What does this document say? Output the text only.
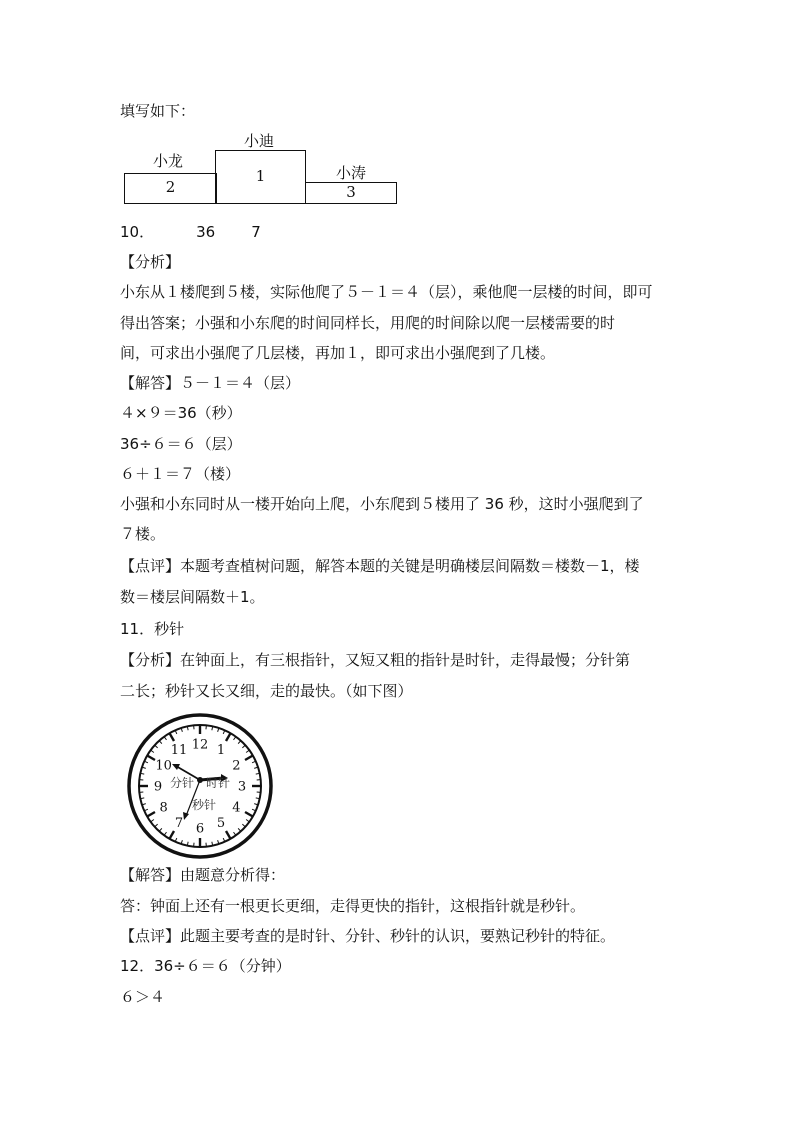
填写如下：
小龙
2
小迪
1	小涛
3
10．	36 7
【分析】
小东从１楼爬到５楼，实际他爬了５－１＝４（层），乘他爬一层楼的时间，即可
得出答案；小强和小东爬的时间同样长，用爬的时间除以爬一层楼需要的时
间，可求出小强爬了几层楼，再加１，即可求出小强爬到了几楼。
【解答】５－１＝４（层）
４×９＝36（秒）
36÷６＝６（层）
６＋１＝７（楼）
小强和小东同时从一楼开始向上爬，小东爬到５楼用了 36 秒，这时小强爬到了
７楼。
【点评】本题考查植树问题，解答本题的关键是明确楼层间隔数＝楼数－1，楼
数＝楼层间隔数＋1。
11．秒针
【分析】在钟面上，有三根指针，又短又粗的指针是时针，走得最慢；分针第
二长；秒针又长又细，走的最快。（如下图）
12 1
2
3
4
5
6
7
8
9
10
11
分针 时针
秒针
【解答】由题意分析得：
答：钟面上还有一根更长更细，走得更快的指针，这根指针就是秒针。
【点评】此题主要考查的是时针、分针、秒针的认识，要熟记秒针的特征。
12．36÷６＝６（分钟）
６＞４
